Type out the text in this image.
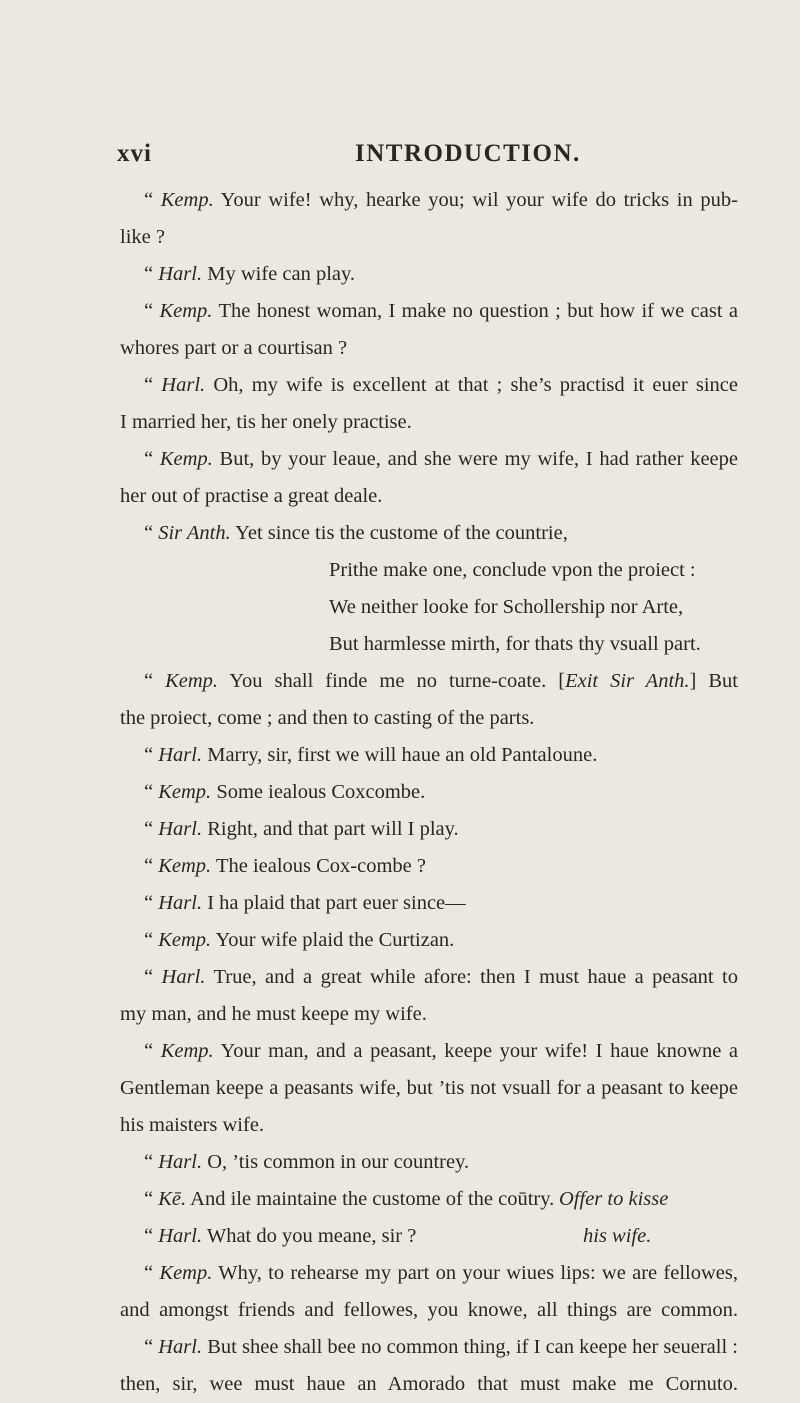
xvi	INTRODUCTION.
“ Kemp. Your wife! why, hearke you; wil your wife do tricks in pub-
like ?
“ Harl. My wife can play.
“ Kemp. The honest woman, I make no question ; but how if we cast a
whores part or a courtisan ?
“ Harl. Oh, my wife is excellent at that ; she’s practisd it euer since
I married her, tis her onely practise.
“ Kemp. But, by your leaue, and she were my wife, I had rather keepe
her out of practise a great deale.
“ Sir Anth. Yet since tis the custome of the countrie,
Prithe make one, conclude vpon the proiect :
We neither looke for Schollership nor Arte,
But harmlesse mirth, for thats thy vsuall part.
“ Kemp. You shall finde me no turne-coate. [Exit Sir Anth.] But
the proiect, come ; and then to casting of the parts.
“ Harl. Marry, sir, first we will haue an old Pantaloune.
“ Kemp. Some iealous Coxcombe.
“ Harl. Right, and that part will I play.
“ Kemp. The iealous Cox-combe ?
“ Harl. I ha plaid that part euer since—
“ Kemp. Your wife plaid the Curtizan.
“ Harl. True, and a great while afore: then I must haue a peasant to
my man, and he must keepe my wife.
“ Kemp. Your man, and a peasant, keepe your wife! I haue knowne a
Gentleman keepe a peasants wife, but ’tis not vsuall for a peasant to keepe
his maisters wife.
“ Harl. O, ’tis common in our countrey.
“ Kē. And ile maintaine the custome of the coūtry.
“ Harl. What do you meane, sir ?
“ Kemp. Why, to rehearse my part on your wiues lips: we are fellowes,
and amongst friends and fellowes, you knowe, all things are common.
“ Harl. But shee shall bee no common thing, if I can keepe her seuerall :
then, sir, wee must haue an Amorado that must make me Cornuto.
Offer to kisse
his wife.
